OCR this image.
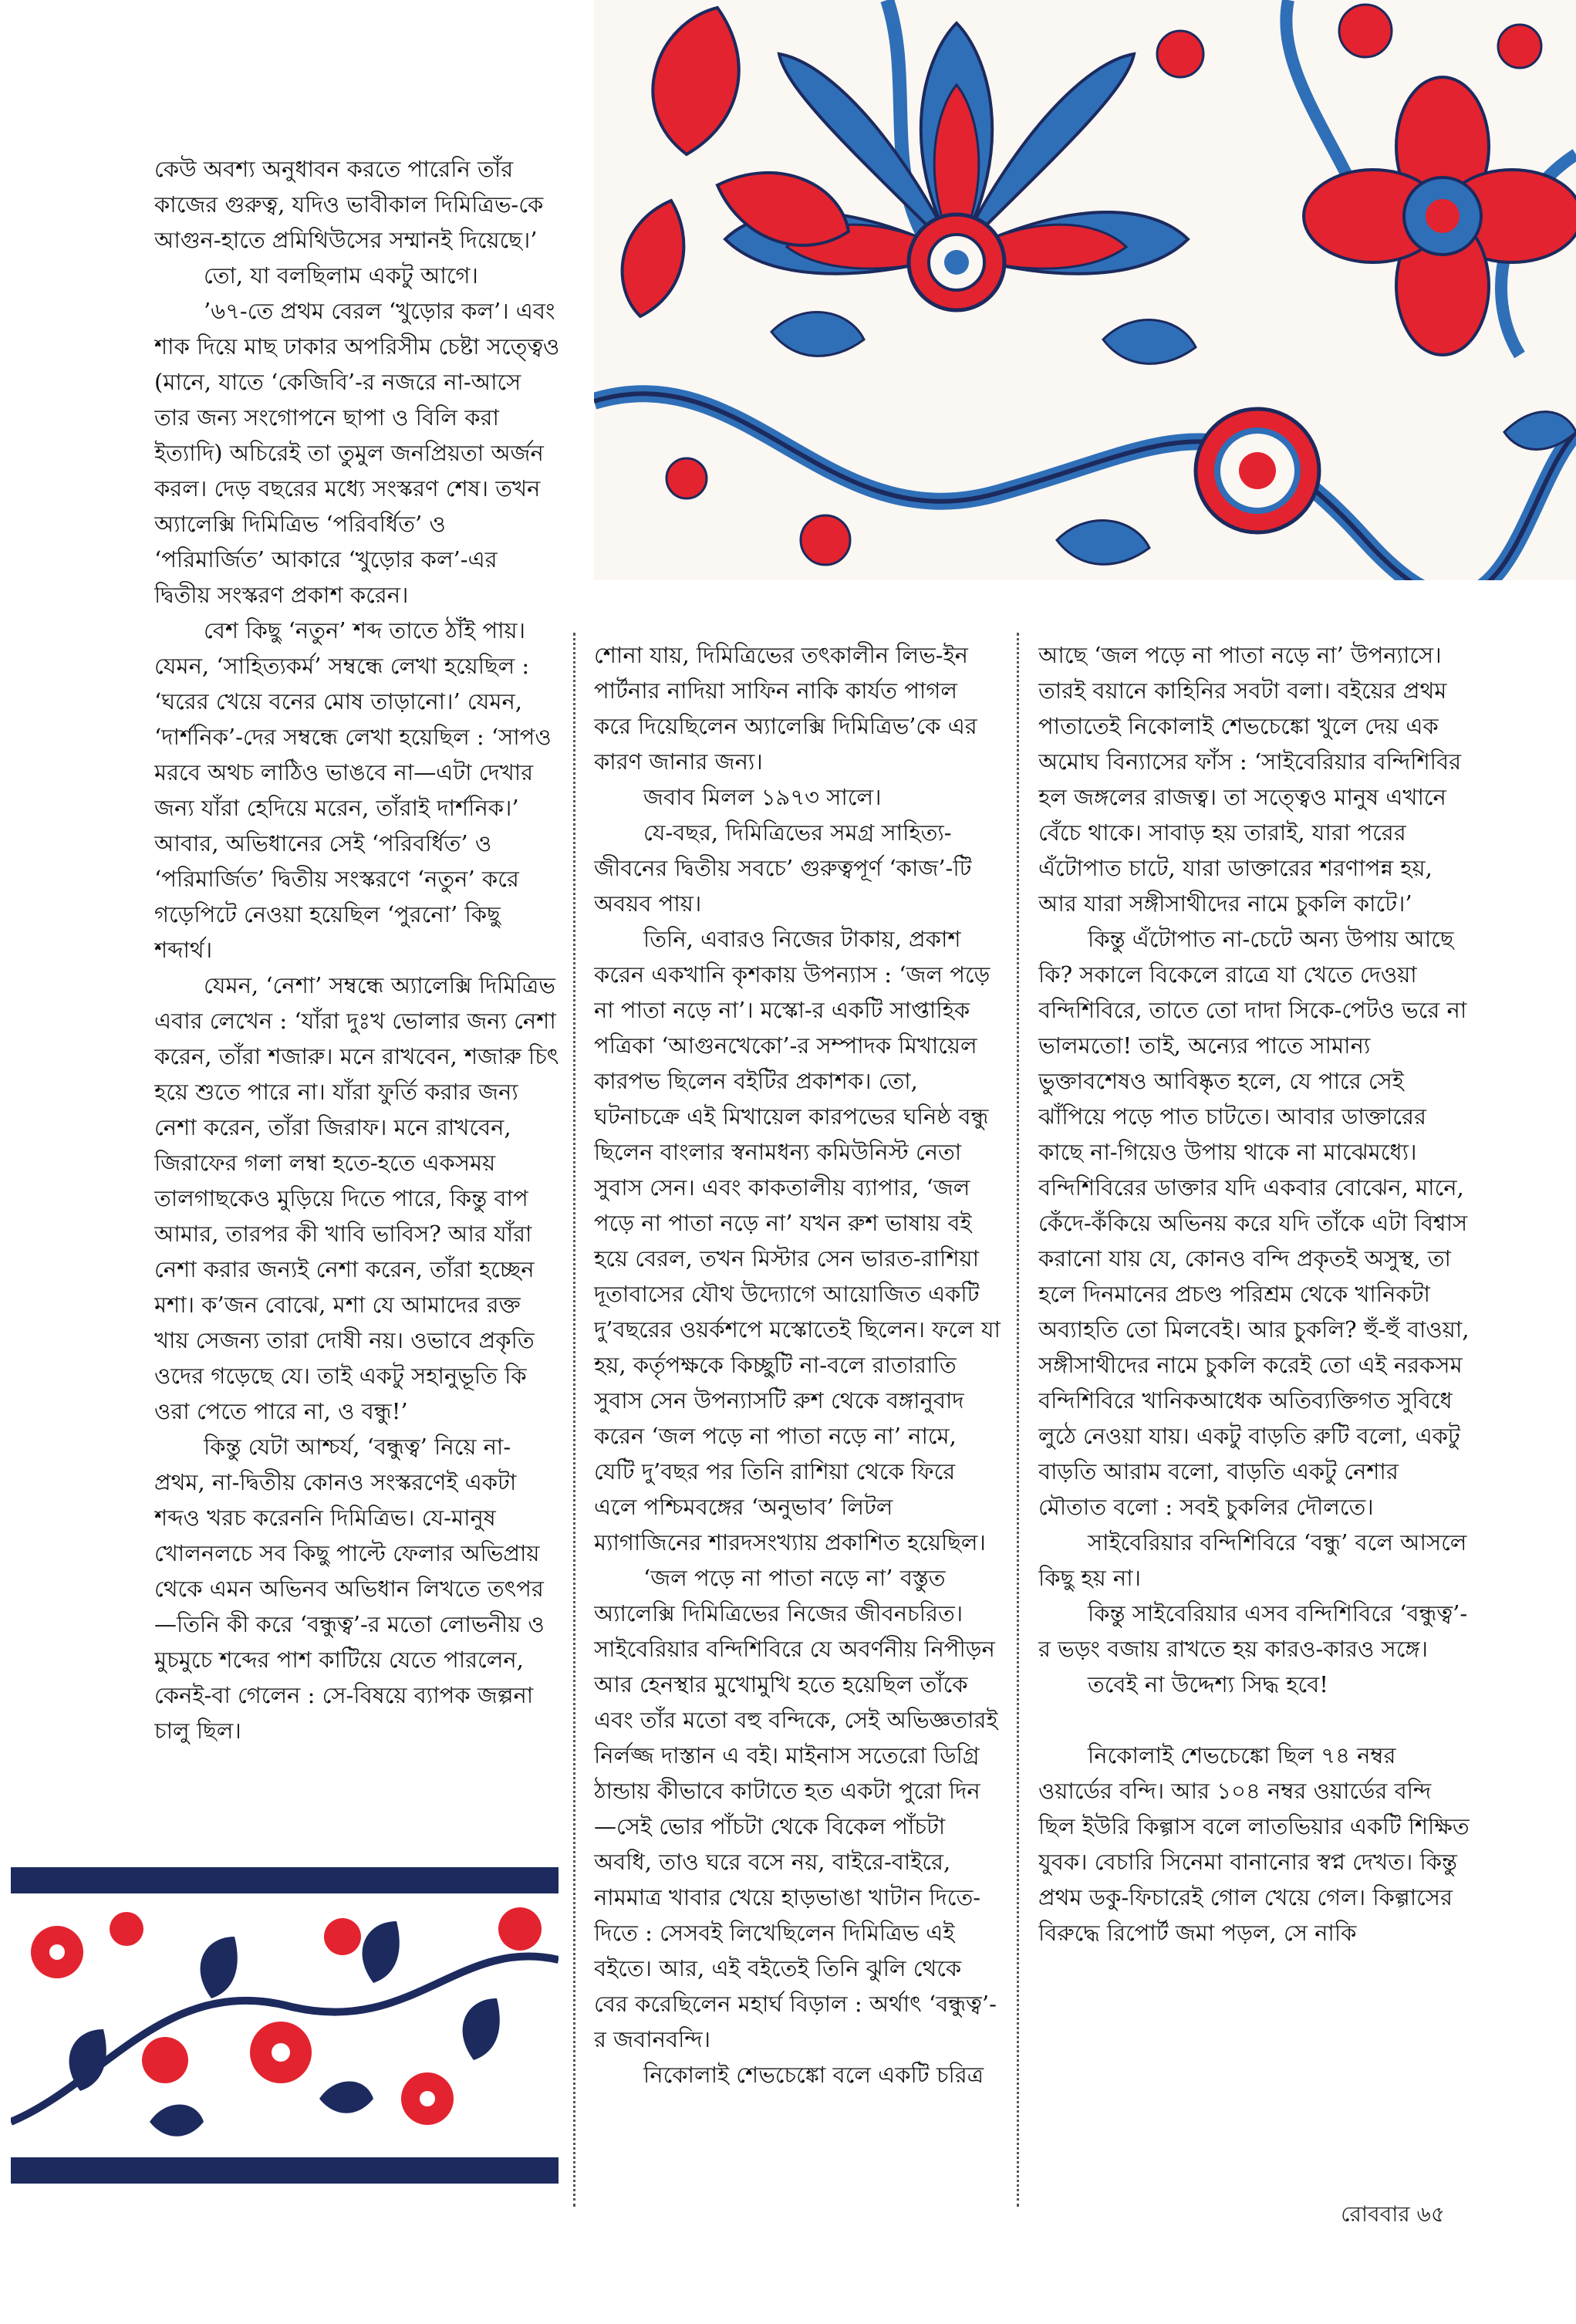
কেউ অবশ্য অনুধাবন করতে পারেনি তাঁর কাজের গুরুত্ব, যদিও ভাবীকাল দিমিত্রিভ-কে আগুন-হাতে প্রমিথিউসের সম্মানই দিয়েছে।’

তো, যা বলছিলাম একটু আগে।

’৬৭-তে প্রথম বেরল ‘খুড়োর কল’। এবং শাক দিয়ে মাছ ঢাকার অপরিসীম চেষ্টা সত্ত্বেও (মানে, যাতে ‘কেজিবি’-র নজরে না-আসে তার জন্য সংগোপনে ছাপা ও বিলি করা ইত্যাদি) অচিরেই তা তুমুল জনপ্রিয়তা অর্জন করল। দেড় বছরের মধ্যে সংস্করণ শেষ। তখন অ্যালেক্সি দিমিত্রিভ ‘পরিবর্ধিত’ ও ‘পরিমার্জিত’ আকারে ‘খুড়োর কল’-এর দ্বিতীয় সংস্করণ প্রকাশ করেন।

বেশ কিছু ‘নতুন’ শব্দ তাতে ঠাঁই পায়। যেমন, ‘সাহিত্যকর্ম’ সম্বন্ধে লেখা হয়েছিল : ‘ঘরের খেয়ে বনের মোষ তাড়ানো।’ যেমন, ‘দার্শনিক’-দের সম্বন্ধে লেখা হয়েছিল : ‘সাপও মরবে অথচ লাঠিও ভাঙবে না—এটা দেখার জন্য যাঁরা হেদিয়ে মরেন, তাঁরাই দার্শনিক।’ আবার, অভিধানের সেই ‘পরিবর্ধিত’ ও ‘পরিমার্জিত’ দ্বিতীয় সংস্করণে ‘নতুন’ করে গড়েপিটে নেওয়া হয়েছিল ‘পুরনো’ কিছু শব্দার্থ।

যেমন, ‘নেশা’ সম্বন্ধে অ্যালেক্সি দিমিত্রিভ এবার লেখেন : ‘যাঁরা দুঃখ ভোলার জন্য নেশা করেন, তাঁরা শজারু। মনে রাখবেন, শজারু চিৎ হয়ে শুতে পারে না। যাঁরা ফুর্তি করার জন্য নেশা করেন, তাঁরা জিরাফ। মনে রাখবেন, জিরাফের গলা লম্বা হতে-হতে একসময় তালগাছকেও মুড়িয়ে দিতে পারে, কিন্তু বাপ আমার, তারপর কী খাবি ভাবিস? আর যাঁরা নেশা করার জন্যই নেশা করেন, তাঁরা হচ্ছেন মশা। ক’জন বোঝে, মশা যে আমাদের রক্ত খায় সেজন্য তারা দোষী নয়। ওভাবে প্রকৃতি ওদের গড়েছে যে। তাই একটু সহানুভূতি কি ওরা পেতে পারে না, ও বন্ধু!’

কিন্তু যেটা আশ্চর্য, ‘বন্ধুত্ব’ নিয়ে না-প্রথম, না-দ্বিতীয় কোনও সংস্করণেই একটা শব্দও খরচ করেননি দিমিত্রিভ। যে-মানুষ খোলনলচে সব কিছু পাল্টে ফেলার অভিপ্রায় থেকে এমন অভিনব অভিধান লিখতে তৎপর—তিনি কী করে ‘বন্ধুত্ব’-র মতো লোভনীয় ও মুচমুচে শব্দের পাশ কাটিয়ে যেতে পারলেন, কেনই-বা গেলেন : সে-বিষয়ে ব্যাপক জল্পনা চালু ছিল।

শোনা যায়, দিমিত্রিভের তৎকালীন লিভ-ইন পার্টনার নাদিয়া সাফিন নাকি কার্যত পাগল করে দিয়েছিলেন অ্যালেক্সি দিমিত্রিভ’কে এর কারণ জানার জন্য।

জবাব মিলল ১৯৭৩ সালে।

যে-বছর, দিমিত্রিভের সমগ্র সাহিত্য-জীবনের দ্বিতীয় সবচে’ গুরুত্বপূর্ণ ‘কাজ’-টি অবয়ব পায়।

তিনি, এবারও নিজের টাকায়, প্রকাশ করেন একখানি কৃশকায় উপন্যাস : ‘জল পড়ে না পাতা নড়ে না’। মস্কো-র একটি সাপ্তাহিক পত্রিকা ‘আগুনখেকো’-র সম্পাদক মিখায়েল কারপভ ছিলেন বইটির প্রকাশক। তো, ঘটনাচক্রে এই মিখায়েল কারপভের ঘনিষ্ঠ বন্ধু ছিলেন বাংলার স্বনামধন্য কমিউনিস্ট নেতা সুবাস সেন। এবং কাকতালীয় ব্যাপার, ‘জল পড়ে না পাতা নড়ে না’ যখন রুশ ভাষায় বই হয়ে বেরল, তখন মিস্টার সেন ভারত-রাশিয়া দূতাবাসের যৌথ উদ্যোগে আয়োজিত একটি দু’বছরের ওয়র্কশপে মস্কোতেই ছিলেন। ফলে যা হয়, কর্তৃপক্ষকে কিচ্ছুটি না-বলে রাতারাতি সুবাস সেন উপন্যাসটি রুশ থেকে বঙ্গানুবাদ করেন ‘জল পড়ে না পাতা নড়ে না’ নামে, যেটি দু’বছর পর তিনি রাশিয়া থেকে ফিরে এলে পশ্চিমবঙ্গের ‘অনুভাব’ লিটল ম্যাগাজিনের শারদসংখ্যায় প্রকাশিত হয়েছিল।

‘জল পড়ে না পাতা নড়ে না’ বস্তুত অ্যালেক্সি দিমিত্রিভের নিজের জীবনচরিত। সাইবেরিয়ার বন্দিশিবিরে যে অবর্ণনীয় নিপীড়ন আর হেনস্থার মুখোমুখি হতে হয়েছিল তাঁকে এবং তাঁর মতো বহু বন্দিকে, সেই অভিজ্ঞতারই নির্লজ্জ দাস্তান এ বই। মাইনাস সতেরো ডিগ্রি ঠান্ডায় কীভাবে কাটাতে হত একটা পুরো দিন—সেই ভোর পাঁচটা থেকে বিকেল পাঁচটা অবধি, তাও ঘরে বসে নয়, বাইরে-বাইরে, নামমাত্র খাবার খেয়ে হাড়ভাঙা খাটান দিতে-দিতে : সেসবই লিখেছিলেন দিমিত্রিভ এই বইতে। আর, এই বইতেই তিনি ঝুলি থেকে বের করেছিলেন মহার্ঘ বিড়াল : অর্থাৎ ‘বন্ধুত্ব’-র জবানবন্দি।

নিকোলাই শেভচেঙ্কো বলে একটি চরিত্র

আছে ‘জল পড়ে না পাতা নড়ে না’ উপন্যাসে। তারই বয়ানে কাহিনির সবটা বলা। বইয়ের প্রথম পাতাতেই নিকোলাই শেভচেঙ্কো খুলে দেয় এক অমোঘ বিন্যাসের ফাঁস : ‘সাইবেরিয়ার বন্দিশিবির হল জঙ্গলের রাজত্ব। তা সত্ত্বেও মানুষ এখানে বেঁচে থাকে। সাবাড় হয় তারাই, যারা পরের এঁটোপাত চাটে, যারা ডাক্তারের শরণাপন্ন হয়, আর যারা সঙ্গীসাথীদের নামে চুকলি কাটে।’

কিন্তু এঁটোপাত না-চেটে অন্য উপায় আছে কি? সকালে বিকেলে রাত্রে যা খেতে দেওয়া বন্দিশিবিরে, তাতে তো দাদা সিকে-পেটও ভরে না ভালমতো! তাই, অন্যের পাতে সামান্য ভুক্তাবশেষও আবিষ্কৃত হলে, যে পারে সেই ঝাঁপিয়ে পড়ে পাত চাটতে। আবার ডাক্তারের কাছে না-গিয়েও উপায় থাকে না মাঝেমধ্যে। বন্দিশিবিরের ডাক্তার যদি একবার বোঝেন, মানে, কেঁদে-কঁকিয়ে অভিনয় করে যদি তাঁকে এটা বিশ্বাস করানো যায় যে, কোনও বন্দি প্রকৃতই অসুস্থ, তা হলে দিনমানের প্রচণ্ড পরিশ্রম থেকে খানিকটা অব্যাহতি তো মিলবেই। আর চুকলি? হুঁ-হুঁ বাওয়া, সঙ্গীসাথীদের নামে চুকলি করেই তো এই নরকসম বন্দিশিবিরে খানিকআধেক অতিব্যক্তিগত সুবিধে লুঠে নেওয়া যায়। একটু বাড়তি রুটি বলো, একটু বাড়তি আরাম বলো, বাড়তি একটু নেশার মৌতাত বলো : সবই চুকলির দৌলতে।

সাইবেরিয়ার বন্দিশিবিরে ‘বন্ধু’ বলে আসলে কিছু হয় না।

কিন্তু সাইবেরিয়ার এসব বন্দিশিবিরে ‘বন্ধুত্ব’-র ভড়ং বজায় রাখতে হয় কারও-কারও সঙ্গে।

তবেই না উদ্দেশ্য সিদ্ধ হবে!

নিকোলাই শেভচেঙ্কো ছিল ৭৪ নম্বর ওয়ার্ডের বন্দি। আর ১০৪ নম্বর ওয়ার্ডের বন্দি ছিল ইউরি কিল্গাস বলে লাতভিয়ার একটি শিক্ষিত যুবক। বেচারি সিনেমা বানানোর স্বপ্ন দেখত। কিন্তু প্রথম ডকু-ফিচারেই গোল খেয়ে গেল। কিল্গাসের বিরুদ্ধে রিপোর্ট জমা পড়ল, সে নাকি

রোববার ৬৫
